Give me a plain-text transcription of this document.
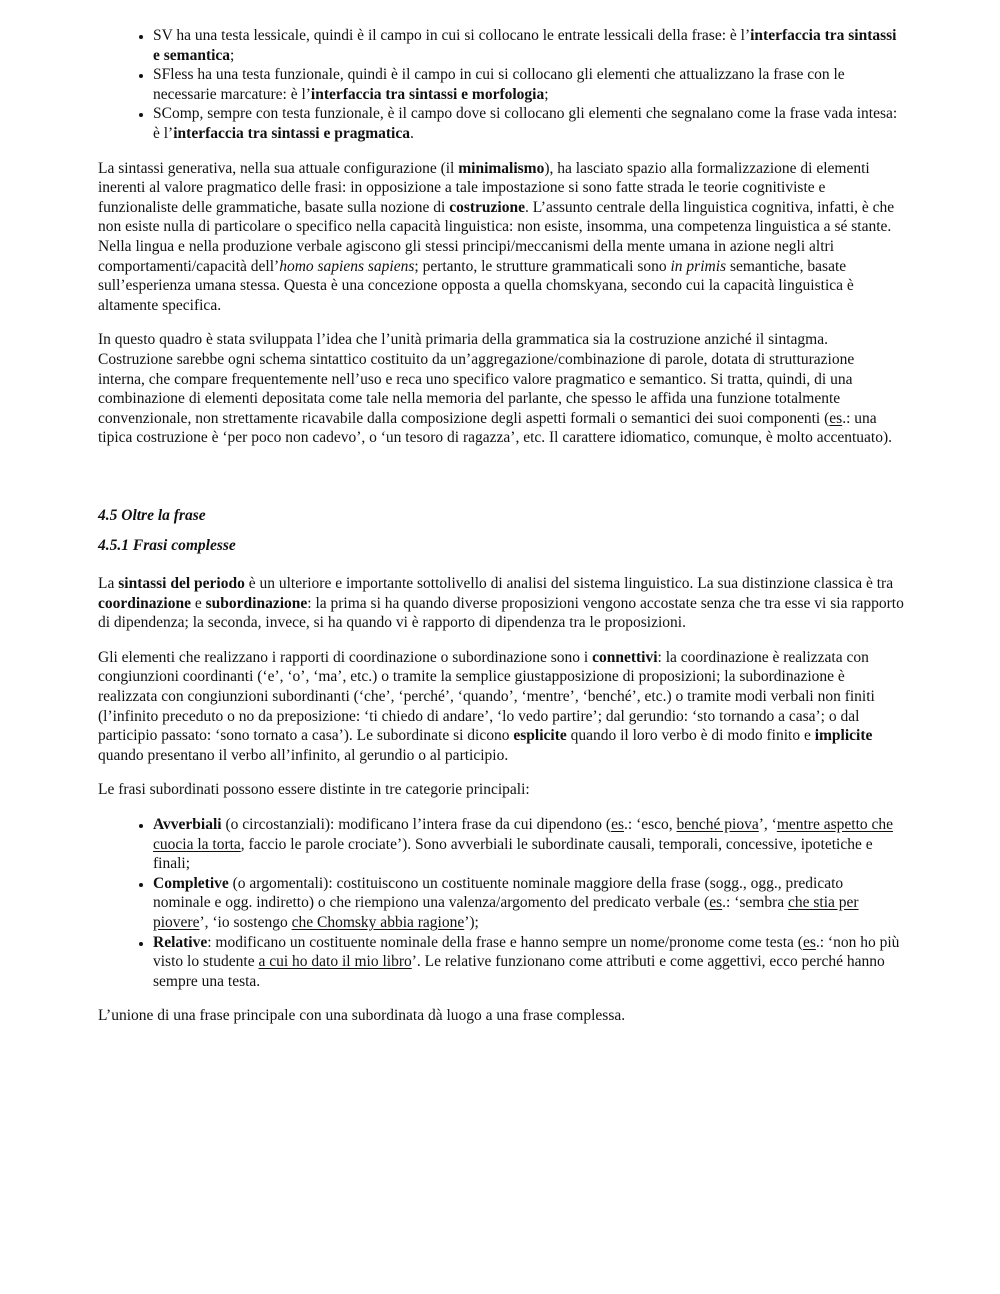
• SV ha una testa lessicale, quindi è il campo in cui si collocano le entrate lessicali della frase: è l’interfaccia tra sintassi e semantica;
• SFless ha una testa funzionale, quindi è il campo in cui si collocano gli elementi che attualizzano la frase con le necessarie marcature: è l’interfaccia tra sintassi e morfologia;
• SComp, sempre con testa funzionale, è il campo dove si collocano gli elementi che segnalano come la frase vada intesa: è l’interfaccia tra sintassi e pragmatica.

La sintassi generativa, nella sua attuale configurazione (il minimalismo), ha lasciato spazio alla formalizzazione di elementi inerenti al valore pragmatico delle frasi: in opposizione a tale impostazione si sono fatte strada le teorie cognitiviste e funzionaliste delle grammatiche, basate sulla nozione di costruzione. L’assunto centrale della linguistica cognitiva, infatti, è che non esiste nulla di particolare o specifico nella capacità linguistica: non esiste, insomma, una competenza linguistica a sé stante. Nella lingua e nella produzione verbale agiscono gli stessi principi/meccanismi della mente umana in azione negli altri comportamenti/capacità dell’homo sapiens sapiens; pertanto, le strutture grammaticali sono in primis semantiche, basate sull’esperienza umana stessa. Questa è una concezione opposta a quella chomskyana, secondo cui la capacità linguistica è altamente specifica.

In questo quadro è stata sviluppata l’idea che l’unità primaria della grammatica sia la costruzione anziché il sintagma. Costruzione sarebbe ogni schema sintattico costituito da un’aggregazione/combinazione di parole, dotata di strutturazione interna, che compare frequentemente nell’uso e reca uno specifico valore pragmatico e semantico. Si tratta, quindi, di una combinazione di elementi depositata come tale nella memoria del parlante, che spesso le affida una funzione totalmente convenzionale, non strettamente ricavabile dalla composizione degli aspetti formali o semantici dei suoi componenti (es.: una tipica costruzione è ‘per poco non cadevo’, o ‘un tesoro di ragazza’, etc. Il carattere idiomatico, comunque, è molto accentuato).

4.5 Oltre la frase

4.5.1 Frasi complesse

La sintassi del periodo è un ulteriore e importante sottolivello di analisi del sistema linguistico. La sua distinzione classica è tra coordinazione e subordinazione: la prima si ha quando diverse proposizioni vengono accostate senza che tra esse vi sia rapporto di dipendenza; la seconda, invece, si ha quando vi è rapporto di dipendenza tra le proposizioni.

Gli elementi che realizzano i rapporti di coordinazione o subordinazione sono i connettivi: la coordinazione è realizzata con congiunzioni coordinanti (‘e’, ‘o’, ‘ma’, etc.) o tramite la semplice giustapposizione di proposizioni; la subordinazione è realizzata con congiunzioni subordinanti (‘che’, ‘perché’, ‘quando’, ‘mentre’, ‘benché’, etc.) o tramite modi verbali non finiti (l’infinito preceduto o no da preposizione: ‘ti chiedo di andare’, ‘lo vedo partire’; dal gerundio: ‘sto tornando a casa’; o dal participio passato: ‘sono tornato a casa’). Le subordinate si dicono esplicite quando il loro verbo è di modo finito e implicite quando presentano il verbo all’infinito, al gerundio o al participio.

Le frasi subordinati possono essere distinte in tre categorie principali:

• Avverbiali (o circostanziali): modificano l’intera frase da cui dipendono (es.: ‘esco, benché piova’, ‘mentre aspetto che cuocia la torta, faccio le parole crociate’). Sono avverbiali le subordinate causali, temporali, concessive, ipotetiche e finali;
• Completive (o argomentali): costituiscono un costituente nominale maggiore della frase (sogg., ogg., predicato nominale e ogg. indiretto) o che riempiono una valenza/argomento del predicato verbale (es.: ‘sembra che stia per piovere’, ‘io sostengo che Chomsky abbia ragione’);
• Relative: modificano un costituente nominale della frase e hanno sempre un nome/pronome come testa (es.: ‘non ho più visto lo studente a cui ho dato il mio libro’. Le relative funzionano come attributi e come aggettivi, ecco perché hanno sempre una testa.

L’unione di una frase principale con una subordinata dà luogo a una frase complessa.
